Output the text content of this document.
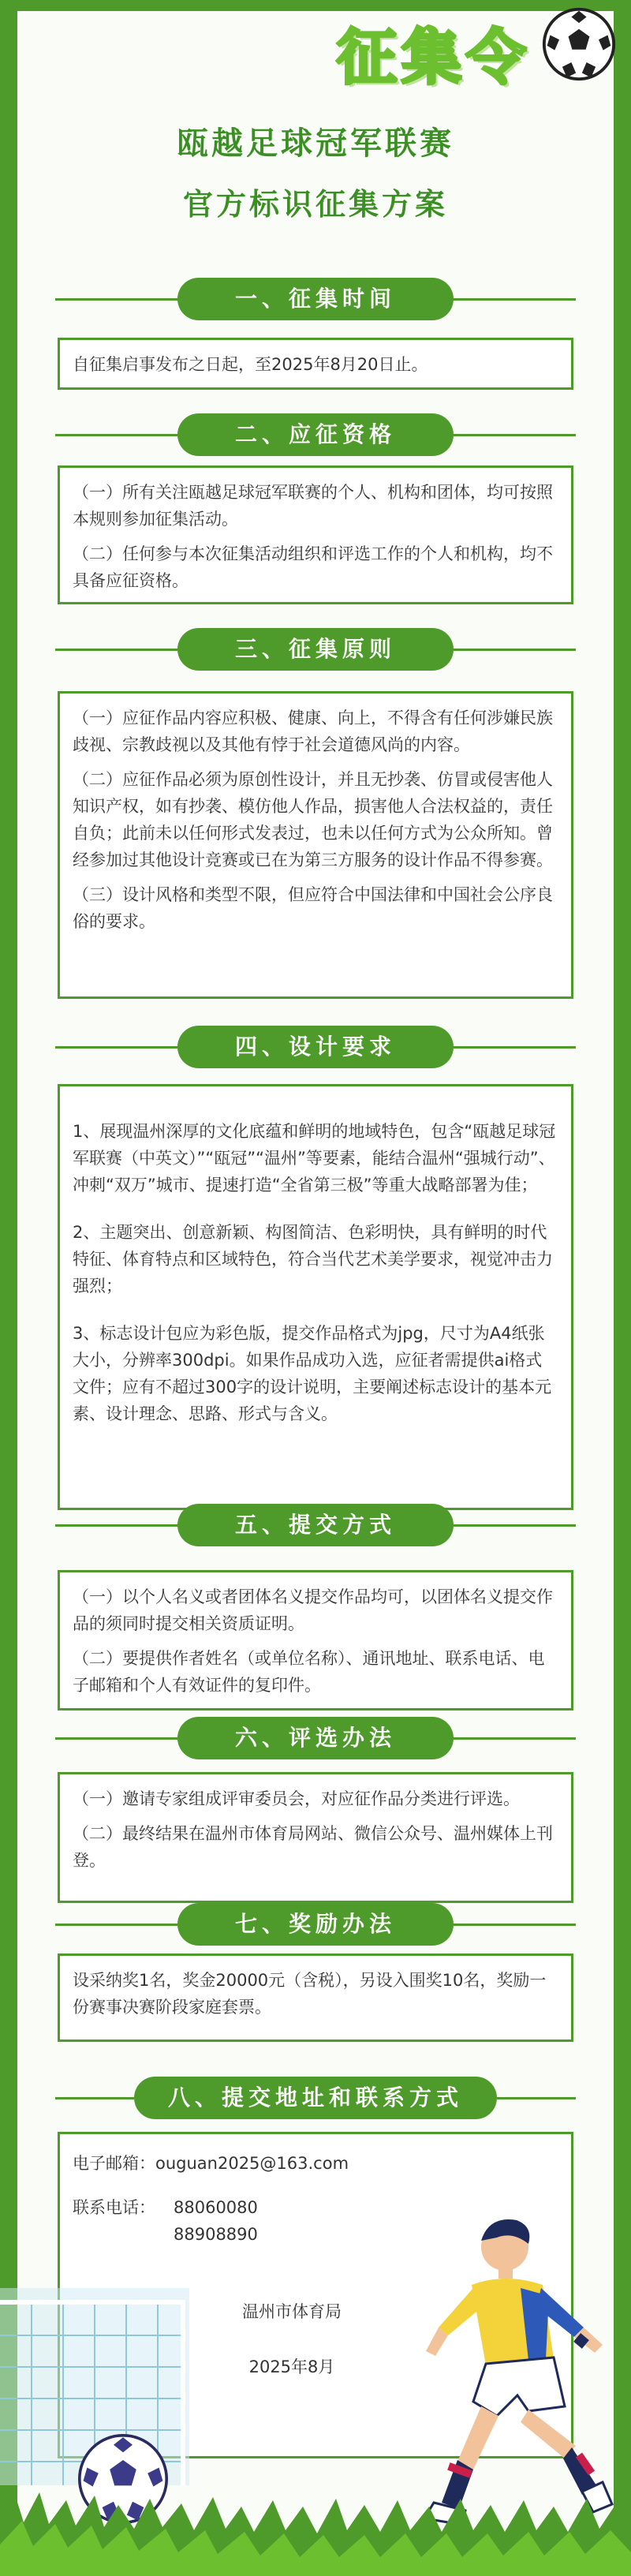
征集令
瓯越足球冠军联赛
官方标识征集方案
一、征集时间

自征集启事发布之日起，至2025年8月20日止。

二、应征资格

（一）所有关注瓯越足球冠军联赛的个人、机构和团体，均可按照本规则参加征集活动。

（二）任何参与本次征集活动组织和评选工作的个人和机构，均不具备应征资格。

三、征集原则

（一）应征作品内容应积极、健康、向上，不得含有任何涉嫌民族歧视、宗教歧视以及其他有悖于社会道德风尚的内容。

（二）应征作品必须为原创性设计，并且无抄袭、仿冒或侵害他人知识产权，如有抄袭、模仿他人作品，损害他人合法权益的，责任自负；此前未以任何形式发表过，也未以任何方式为公众所知。曾经参加过其他设计竞赛或已在为第三方服务的设计作品不得参赛。

（三）设计风格和类型不限，但应符合中国法律和中国社会公序良俗的要求。

四、设计要求

1、展现温州深厚的文化底蕴和鲜明的地域特色，包含“瓯越足球冠军联赛（中英文）”“瓯冠”“温州”等要素，能结合温州“强城行动”、冲刺“双万”城市、提速打造“全省第三极”等重大战略部署为佳；

2、主题突出、创意新颖、构图简洁、色彩明快，具有鲜明的时代特征、体育特点和区域特色，符合当代艺术美学要求，视觉冲击力强烈；

3、标志设计包应为彩色版，提交作品格式为jpg，尺寸为A4纸张大小，分辨率300dpi。如果作品成功入选，应征者需提供ai格式文件；应有不超过300字的设计说明，主要阐述标志设计的基本元素、设计理念、思路、形式与含义。

五、提交方式

（一）以个人名义或者团体名义提交作品均可，以团体名义提交作品的须同时提交相关资质证明。

（二）要提供作者姓名（或单位名称）、通讯地址、联系电话、电子邮箱和个人有效证件的复印件。

六、评选办法

（一）邀请专家组成评审委员会，对应征作品分类进行评选。

（二）最终结果在温州市体育局网站、微信公众号、温州媒体上刊登。

七、奖励办法

设采纳奖1名，奖金20000元（含税），另设入围奖10名，奖励一份赛事决赛阶段家庭套票。

八、提交地址和联系方式
电子邮箱：ouguan2025@163.com
联系电话：	88060080
88908890
温州市体育局
2025年8月
